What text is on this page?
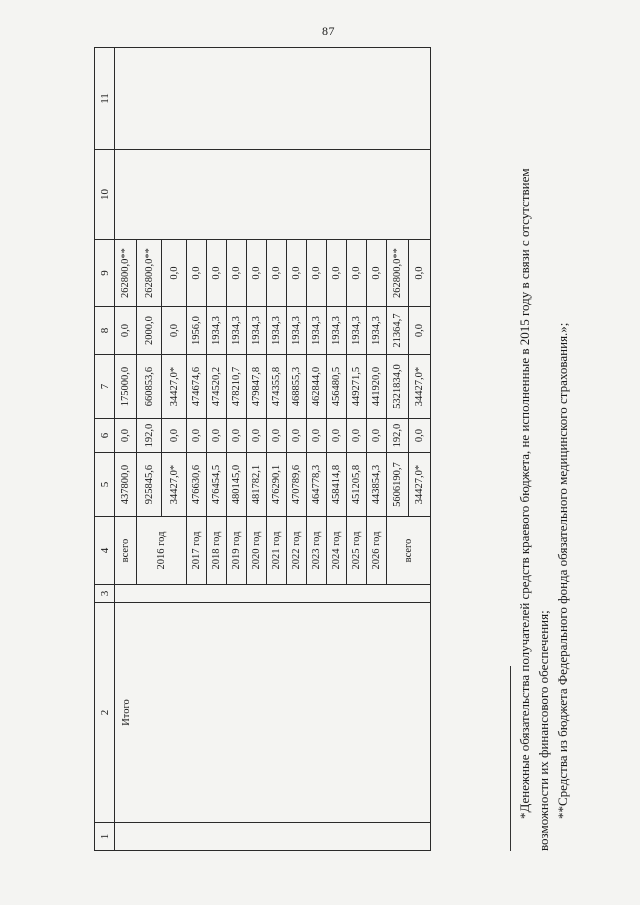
87
1	2	3	4	5	6	7	8	9	10	11
	Итого		всего	437800,0	0,0	175000,0	0,0	262800,0**		
			2016 год	925845,6	192,0	660853,6	2000,0	262800,0**		
				34427,0*	0,0	34427,0*	0,0	0,0		
			2017 год	476630,6	0,0	474674,6	1956,0	0,0		
			2018 год	476454,5	0,0	474520,2	1934,3	0,0		
			2019 год	480145,0	0,0	478210,7	1934,3	0,0		
			2020 год	481782,1	0,0	479847,8	1934,3	0,0		
			2021 год	476290,1	0,0	474355,8	1934,3	0,0		
			2022 год	470789,6	0,0	468855,3	1934,3	0,0		
			2023 год	464778,3	0,0	462844,0	1934,3	0,0		
			2024 год	458414,8	0,0	456480,5	1934,3	0,0		
			2025 год	451205,8	0,0	449271,5	1934,3	0,0		
			2026 год	443854,3	0,0	441920,0	1934,3	0,0		
			всего	5606190,7	192,0	5321834,0	21364,7	262800,0**		
				34427,0*	0,0	34427,0*	0,0	0,0			*Денежные обязательства получателей средств краевого бюджета, не исполненные в 2015 году в связи с отсутствием возможности их финансового обеспечения; **Средства из бюджета Федерального фонда обязательного медицинского страхования.»;
